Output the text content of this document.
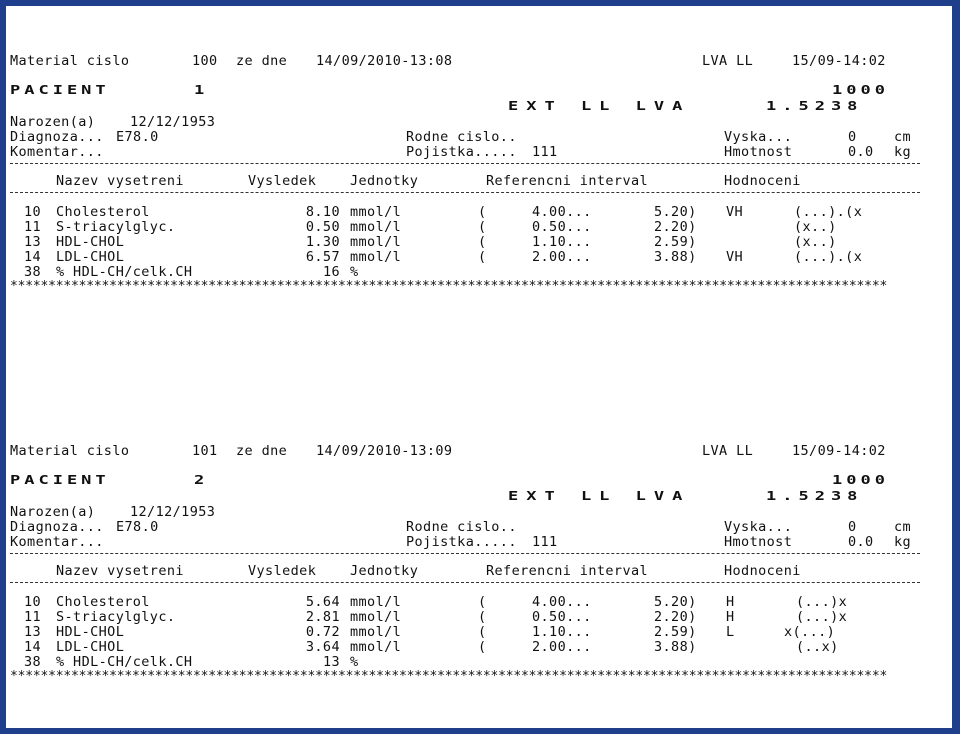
Material cislo	100 ze dne 14/09/2010-13:08	LVA LL	15/09-14:02
PACIENT	1	1000
EXT LL LVA	1.5238
Narozen(a)	12/12/1953
Diagnoza... E78.0	Rodne cislo..	Vyska...	0	cm
Komentar...	Pojistka..... 111	Hmotnost	0.0 kg
Nazev vysetreni	Vysledek	Jednotky	Referencni interval	Hodnoceni
10 Cholesterol	8.10 mmol/l	(	4.00...	5.20) VH	(...).(x
11 S-triacylglyc.	0.50 mmol/l	(	0.50...	2.20)	(x..)
13 HDL-CHOL	1.30 mmol/l	(	1.10...	2.59)	(x..)
14 LDL-CHOL	6.57 mmol/l	(	2.00...	3.88) VH	(...).(x
38 % HDL-CH/celk.CH	16 %
*******************************************************************************************************************
Material cislo	101 ze dne 14/09/2010-13:09	LVA LL	15/09-14:02
PACIENT	2	1000
EXT LL LVA	1.5238
Narozen(a)	12/12/1953
Diagnoza... E78.0	Rodne cislo..	Vyska...	0	cm
Komentar...	Pojistka..... 111	Hmotnost	0.0 kg
Nazev vysetreni	Vysledek	Jednotky	Referencni interval	Hodnoceni
10 Cholesterol	5.64 mmol/l	(	4.00...	5.20) H	(...)x
11 S-triacylglyc.	2.81 mmol/l	(	0.50...	2.20) H	(...)x
13 HDL-CHOL	0.72 mmol/l	(	1.10...	2.59) L	x(...)
14 LDL-CHOL	3.64 mmol/l	(	2.00...	3.88)	(..x)
38 % HDL-CH/celk.CH	13 %
*******************************************************************************************************************
